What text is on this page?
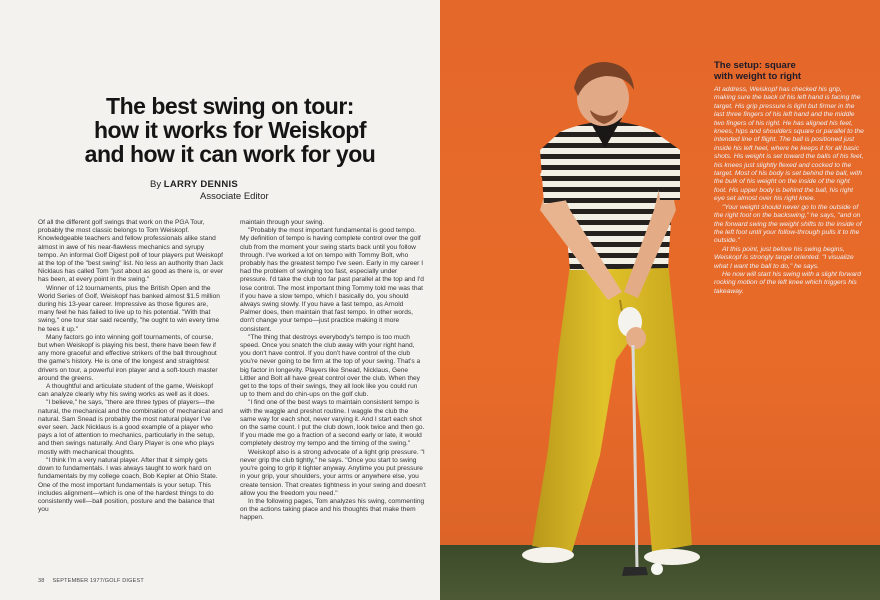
The best swing on tour:
how it works for Weiskopf
and how it can work for you
By LARRY DENNIS
Associate Editor

Of all the different golf swings that work on the PGA Tour, probably the most classic belongs to Tom Weiskopf. Knowledgeable teachers and fellow professionals alike stand almost in awe of his near-flawless mechanics and syrupy tempo. An informal Golf Digest poll of tour players put Weiskopf at the top of the "best swing" list. No less an authority than Jack Nicklaus has called Tom "just about as good as there is, or ever has been, at every point in the swing."

Winner of 12 tournaments, plus the British Open and the World Series of Golf, Weiskopf has banked almost $1.5 million during his 13-year career. Impressive as those figures are, many feel he has failed to live up to his potential. "With that swing," one tour star said recently, "he ought to win every time he tees it up."

Many factors go into winning golf tournaments, of course, but when Weiskopf is playing his best, there have been few if any more graceful and effective strikers of the ball throughout the game's history. He is one of the longest and straightest drivers on tour, a powerful iron player and a soft-touch master around the greens.

A thoughtful and articulate student of the game, Weiskopf can analyze clearly why his swing works as well as it does.

"I believe," he says, "there are three types of players—the natural, the mechanical and the combination of mechanical and natural. Sam Snead is probably the most natural player I've ever seen. Jack Nicklaus is a good example of a player who pays a lot of attention to mechanics, particularly in the setup, and then swings naturally. And Gary Player is one who plays mostly with mechanical thoughts.

"I think I'm a very natural player. After that it simply gets down to fundamentals. I was always taught to work hard on fundamentals by my college coach, Bob Kepler at Ohio State. One of the most important fundamentals is your setup. This includes alignment—which is one of the hardest things to do consistently well—ball position, posture and the balance that you

maintain through your swing.

"Probably the most important fundamental is good tempo. My definition of tempo is having complete control over the golf club from the moment your swing starts back until you follow through. I've worked a lot on tempo with Tommy Bolt, who probably has the greatest tempo I've seen. Early in my career I had the problem of swinging too fast, especially under pressure. I'd take the club too far past parallel at the top and I'd lose control. The most important thing Tommy told me was that if you have a slow tempo, which I basically do, you should always swing slowly. If you have a fast tempo, as Arnold Palmer does, then maintain that fast tempo. In other words, don't change your tempo—just practice making it more consistent.

"The thing that destroys everybody's tempo is too much speed. Once you snatch the club away with your right hand, you don't have control. If you don't have control of the club you're never going to be firm at the top of your swing. That's a big factor in longevity. Players like Snead, Nicklaus, Gene Littler and Bolt all have great control over the club. When they get to the tops of their swings, they all look like you could run up to them and do chin-ups on the golf club.

"I find one of the best ways to maintain consistent tempo is with the waggle and preshot routine. I waggle the club the same way for each shot, never varying it. And I start each shot on the same count. I put the club down, look twice and then go. If you made me go a fraction of a second early or late, it would completely destroy my tempo and the timing of the swing."

Weiskopf also is a strong advocate of a light grip pressure. "I never grip the club tightly," he says. "Once you start to swing you're going to grip it tighter anyway. Anytime you put pressure in your grip, your shoulders, your arms or anywhere else, you create tension. That creates tightness in your swing and doesn't allow you the freedom you need."

In the following pages, Tom analyzes his swing, commenting on the actions taking place and his thoughts that make them happen.

38 SEPTEMBER 1977/GOLF DIGEST
The setup: square
with weight to right

At address, Weiskopf has checked his grip, making sure the back of his left hand is facing the target. His grip pressure is light but firmer in the last three fingers of his left hand and the middle two fingers of his right. He has aligned his feet, knees, hips and shoulders square or parallel to the intended line of flight. The ball is positioned just inside his left heel, where he keeps it for all basic shots. His weight is set toward the balls of his feet, his knees just slightly flexed and cocked to the target. Most of his body is set behind the ball, with the bulk of his weight on the inside of the right foot. His upper body is behind the ball, his right eye set almost over his right knee.

"Your weight should never go to the outside of the right foot on the backswing," he says, "and on the forward swing the weight shifts to the inside of the left foot until your follow-through pulls it to the outside."

At this point, just before his swing begins, Weiskopf is strongly target oriented. "I visualize what I want the ball to do," he says.

He now will start his swing with a slight forward rocking motion of the left knee which triggers his takeaway.
